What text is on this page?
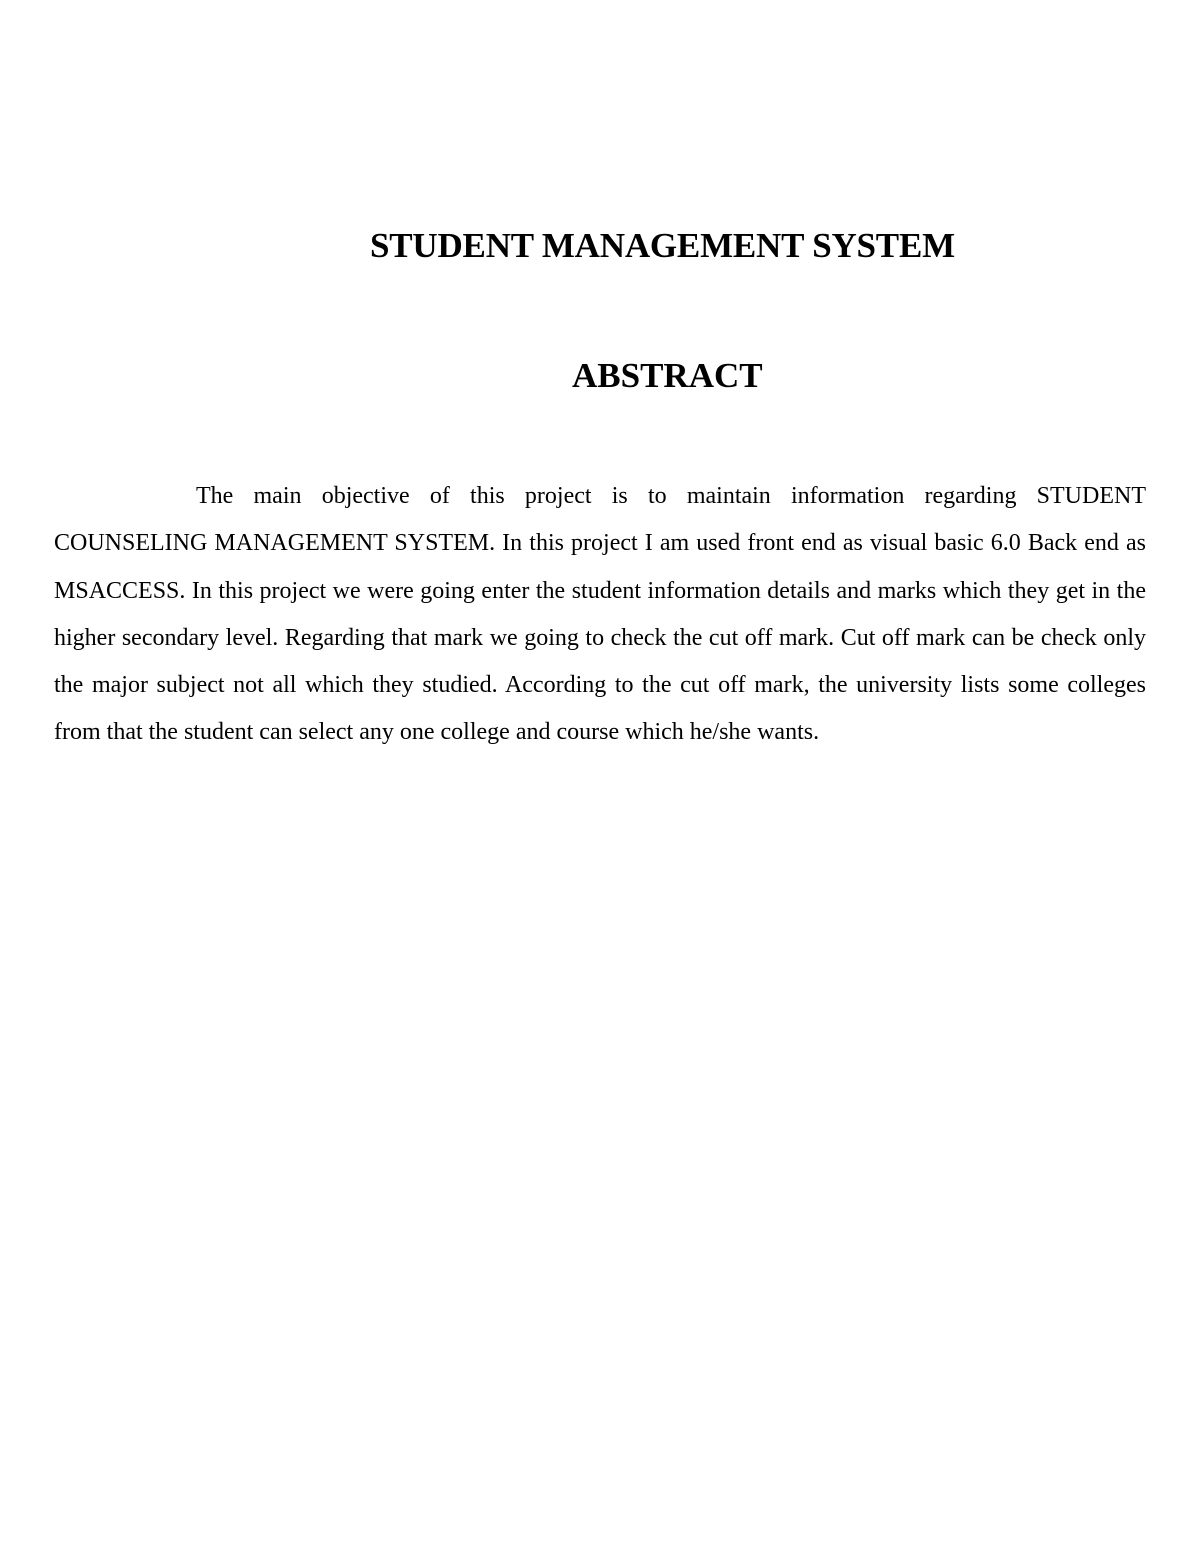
STUDENT MANAGEMENT SYSTEM
ABSTRACT

The main objective of this project is to maintain information regarding STUDENT COUNSELING MANAGEMENT SYSTEM. In this project I am used front end as visual basic 6.0 Back end as MSACCESS. In this project we were going enter the student information details and marks which they get in the higher secondary level. Regarding that mark we going to check the cut off mark. Cut off mark can be check only the major subject not all which they studied. According to the cut off mark, the university lists some colleges from that the student can select any one college and course which he/she wants.
